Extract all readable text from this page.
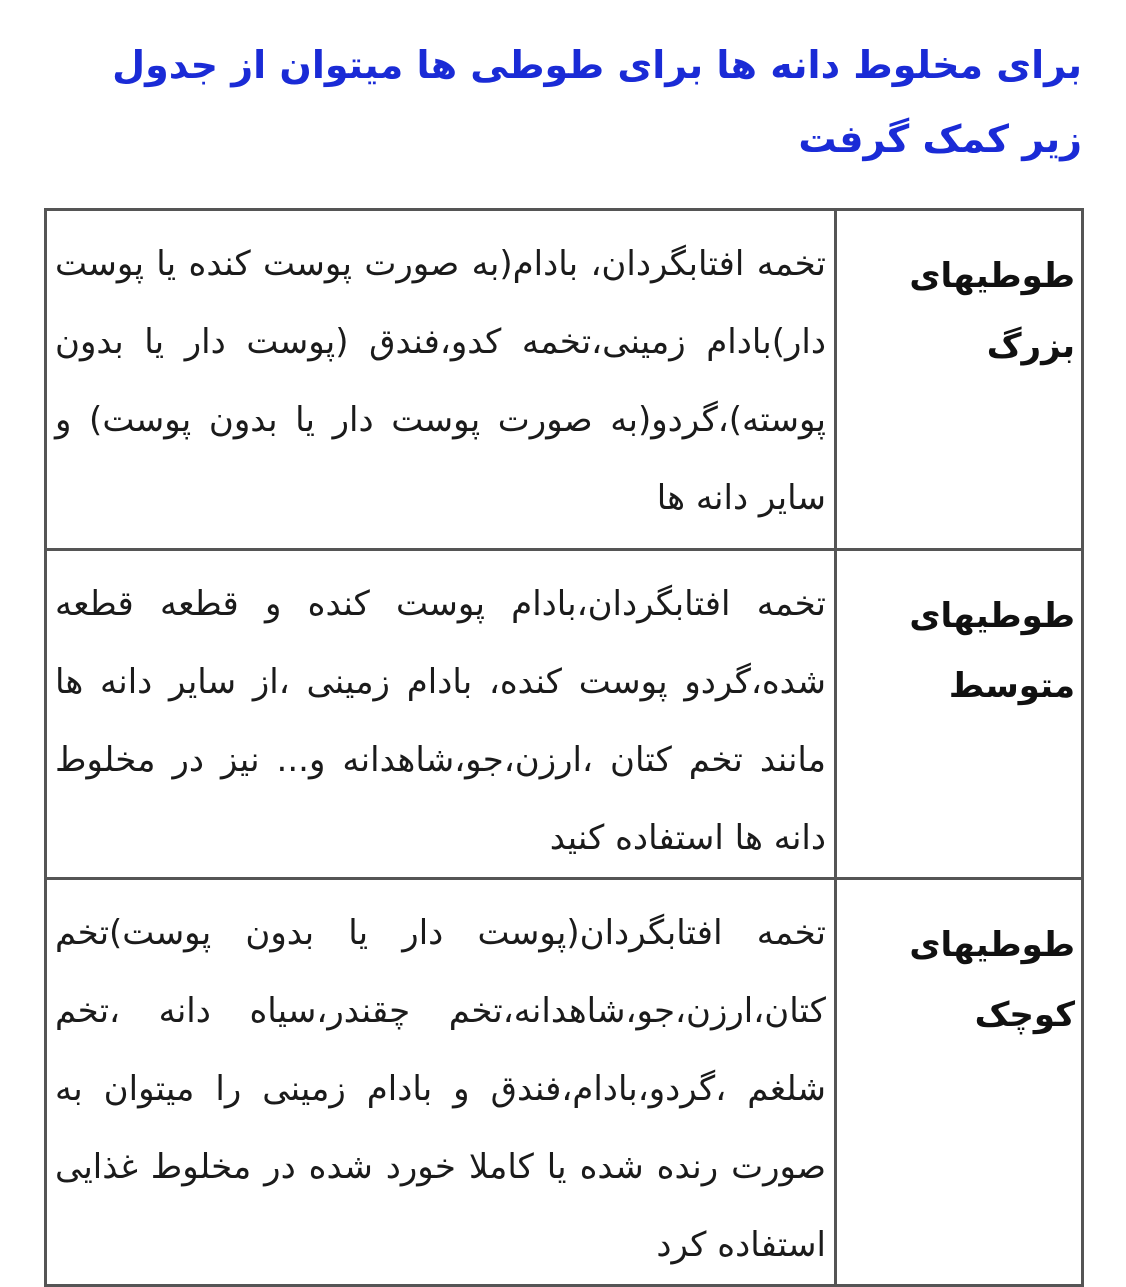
برای مخلوط دانه ها برای طوطی ها میتوان از جدول زیر کمک گرفت
طوطیهای بزرگ	تخمه افتابگردان، بادام(به صورت پوست کنده یا پوست دار)بادام زمینی،تخمه کدو،فندق (پوست دار یا بدون پوسته)،گردو(به صورت پوست دار یا بدون پوست) و سایر دانه ها
طوطیهای متوسط	تخمه افتابگردان،بادام پوست کنده و قطعه قطعه شده،گردو پوست کنده، بادام زمینی ،از سایر دانه ها مانند تخم کتان ،ارزن،جو،شاهدانه و... نیز در مخلوط دانه ها استفاده کنید
طوطیهای کوچک	تخمه افتابگردان(پوست دار یا بدون پوست)تخم کتان،ارزن،جو،شاهدانه،تخم چقندر،سیاه دانه ،تخم شلغم ،گردو،بادام،فندق و بادام زمینی را میتوان به صورت رنده شده یا کاملا خورد شده در مخلوط غذایی استفاده کرد
